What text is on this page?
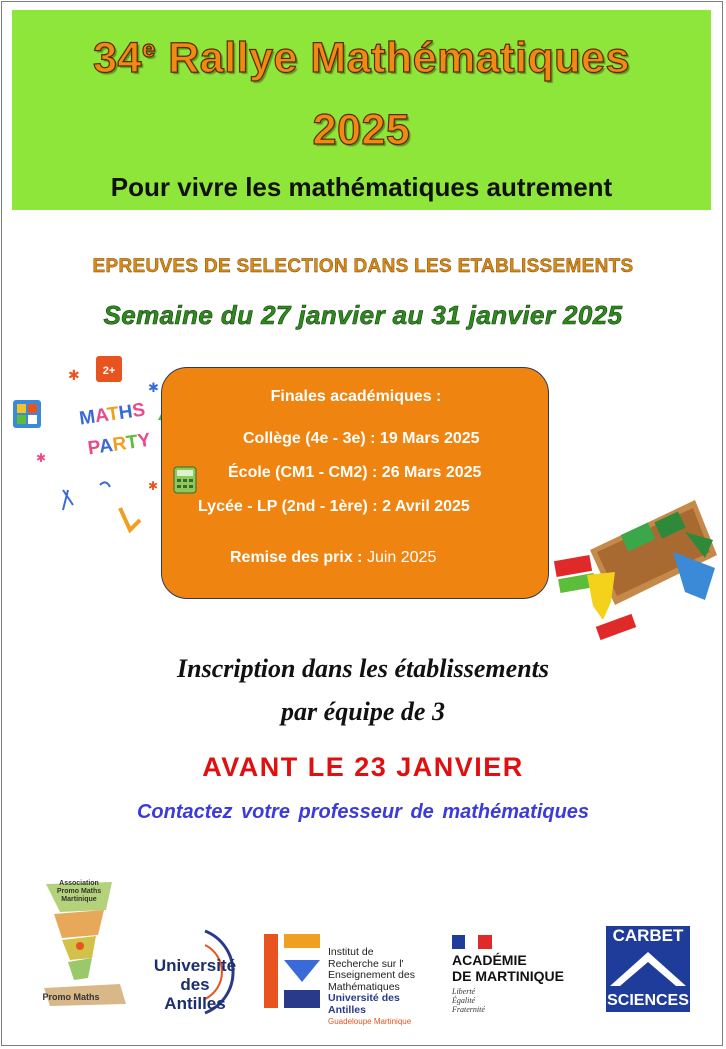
34e Rallye Mathématiques
2025
Pour vivre les mathématiques autrement
EPREUVES DE SELECTION DANS LES ETABLISSEMENTS
Semaine du 27 janvier au 31 janvier 2025
2+
MATHS
PARTY
✱
✱
✱
✱
Finales académiques :
Collège (4e - 3e) : 19 Mars 2025
École (CM1 - CM2) : 26 Mars 2025
Lycée - LP (2nd - 1ère) : 2 Avril 2025
Remise des prix : Juin 2025
Inscription dans les établissements
par équipe de 3
AVANT LE 23 JANVIER
Contactez votre professeur de mathématiques
Association Promo Maths Martinique
Promo Maths
Université
des Antilles
Institut de
Recherche sur l'
Enseignement des
Mathématiques
Université des Antilles
Guadeloupe Martinique
ACADÉMIE
DE MARTINIQUE
Liberté
Égalité
Fraternité
CARBET
SCIENCES
